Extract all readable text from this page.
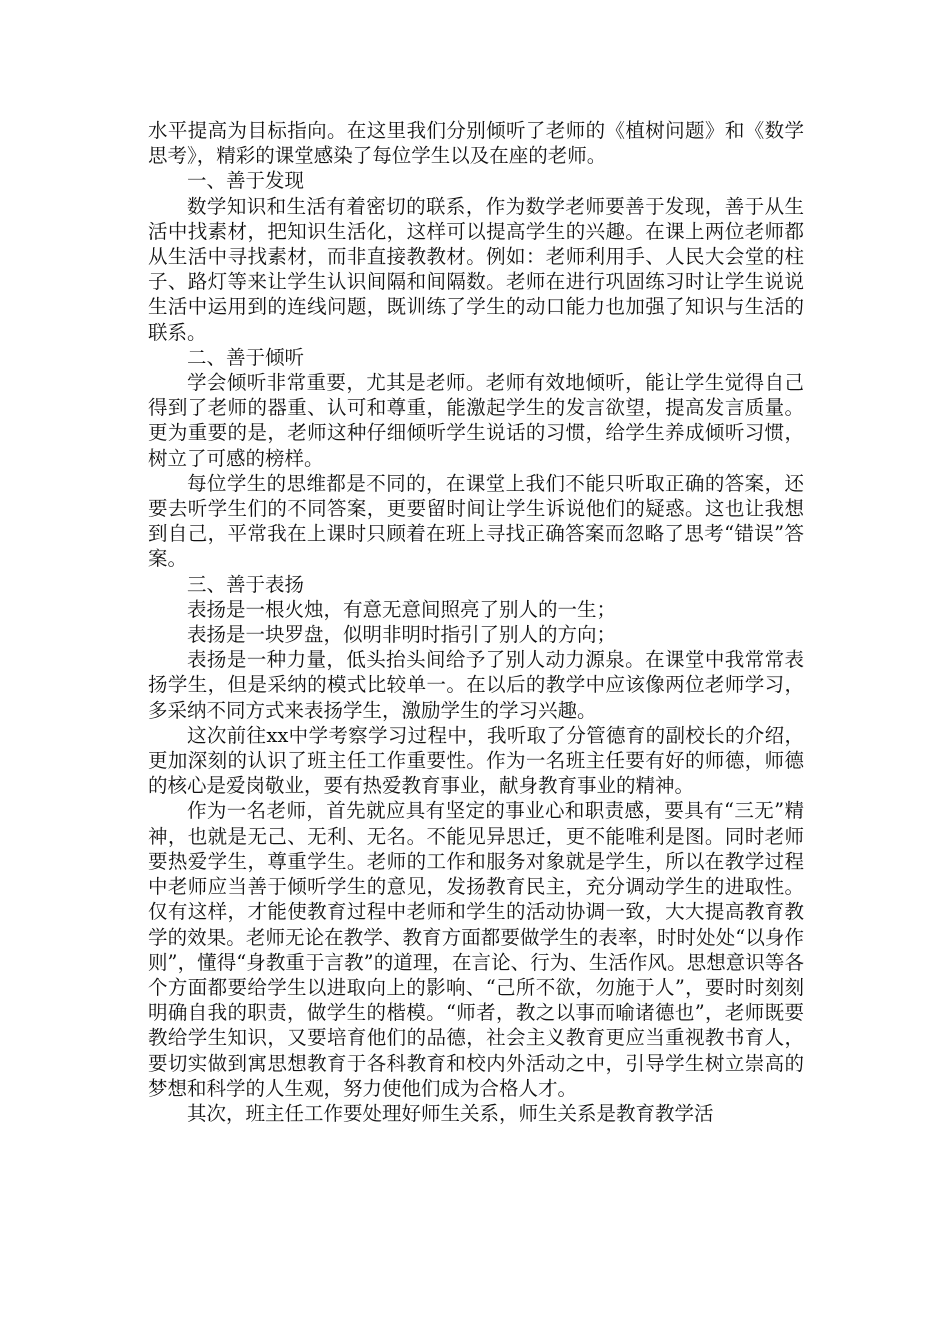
水平提高为目标指向。在这里我们分别倾听了老师的《植树问题》和《数学思考》，精彩的课堂感染了每位学生以及在座的老师。

一、善于发现

数学知识和生活有着密切的联系，作为数学老师要善于发现，善于从生活中找素材，把知识生活化，这样可以提高学生的兴趣。在课上两位老师都从生活中寻找素材，而非直接教教材。例如：老师利用手、人民大会堂的柱子、路灯等来让学生认识间隔和间隔数。老师在进行巩固练习时让学生说说生活中运用到的连线问题，既训练了学生的动口能力也加强了知识与生活的联系。

二、善于倾听

学会倾听非常重要，尤其是老师。老师有效地倾听，能让学生觉得自己得到了老师的器重、认可和尊重，能激起学生的发言欲望，提高发言质量。更为重要的是，老师这种仔细倾听学生说话的习惯，给学生养成倾听习惯，树立了可感的榜样。

每位学生的思维都是不同的，在课堂上我们不能只听取正确的答案，还要去听学生们的不同答案，更要留时间让学生诉说他们的疑惑。这也让我想到自己，平常我在上课时只顾着在班上寻找正确答案而忽略了思考“错误”答案。

三、善于表扬

表扬是一根火烛，有意无意间照亮了别人的一生；

表扬是一块罗盘，似明非明时指引了别人的方向；

表扬是一种力量，低头抬头间给予了别人动力源泉。在课堂中我常常表扬学生，但是采纳的模式比较单一。在以后的教学中应该像两位老师学习，多采纳不同方式来表扬学生，激励学生的学习兴趣。

这次前往xx中学考察学习过程中，我听取了分管德育的副校长的介绍，更加深刻的认识了班主任工作重要性。作为一名班主任要有好的师德，师德的核心是爱岗敬业，要有热爱教育事业，献身教育事业的精神。

作为一名老师，首先就应具有坚定的事业心和职责感，要具有“三无”精神，也就是无己、无利、无名。不能见异思迁，更不能唯利是图。同时老师要热爱学生，尊重学生。老师的工作和服务对象就是学生，所以在教学过程中老师应当善于倾听学生的意见，发扬教育民主，充分调动学生的进取性。仅有这样，才能使教育过程中老师和学生的活动协调一致，大大提高教育教学的效果。老师无论在教学、教育方面都要做学生的表率，时时处处“以身作则”，懂得“身教重于言教”的道理，在言论、行为、生活作风。思想意识等各个方面都要给学生以进取向上的影响、“己所不欲，勿施于人”，要时时刻刻明确自我的职责，做学生的楷模。“师者，教之以事而喻诸德也”，老师既要教给学生知识，又要培育他们的品德，社会主义教育更应当重视教书育人，要切实做到寓思想教育于各科教育和校内外活动之中，引导学生树立崇高的梦想和科学的人生观，努力使他们成为合格人才。

其次，班主任工作要处理好师生关系，师生关系是教育教学活
